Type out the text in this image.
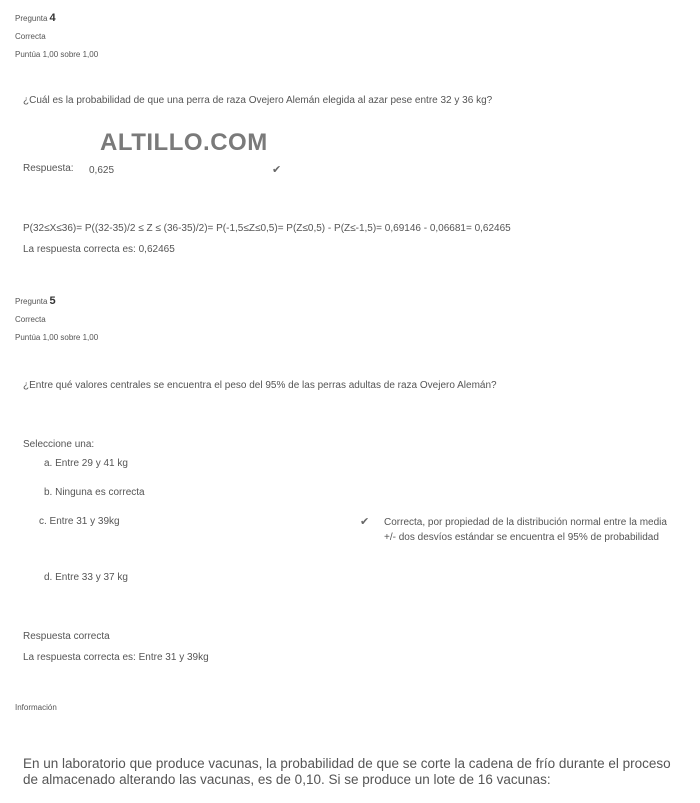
Pregunta 4
Correcta
Puntúa 1,00 sobre 1,00
¿Cuál es la probabilidad de que una perra de raza Ovejero Alemán elegida al azar pese entre 32 y 36 kg?
ALTILLO.COM
Respuesta: 0,625	✔
P(32≤X≤36)= P((32-35)/2 ≤ Z ≤ (36-35)/2)= P(-1,5≤Z≤0,5)= P(Z≤0,5) - P(Z≤-1,5)= 0,69146 - 0,06681= 0,62465
La respuesta correcta es: 0,62465
Pregunta 5
Correcta
Puntúa 1,00 sobre 1,00
¿Entre qué valores centrales se encuentra el peso del 95% de las perras adultas de raza Ovejero Alemán?
Seleccione una:
a. Entre 29 y 41 kg
b. Ninguna es correcta
c. Entre 31 y 39kg
d. Entre 33 y 37 kg
✔ Correcta, por propiedad de la distribución normal entre la media +/- dos desvíos estándar se encuentra el 95% de probabilidad
Respuesta correcta
La respuesta correcta es: Entre 31 y 39kg
Información
En un laboratorio que produce vacunas, la probabilidad de que se corte la cadena de frío durante el proceso de almacenado alterando las vacunas, es de 0,10. Si se produce un lote de 16 vacunas:
